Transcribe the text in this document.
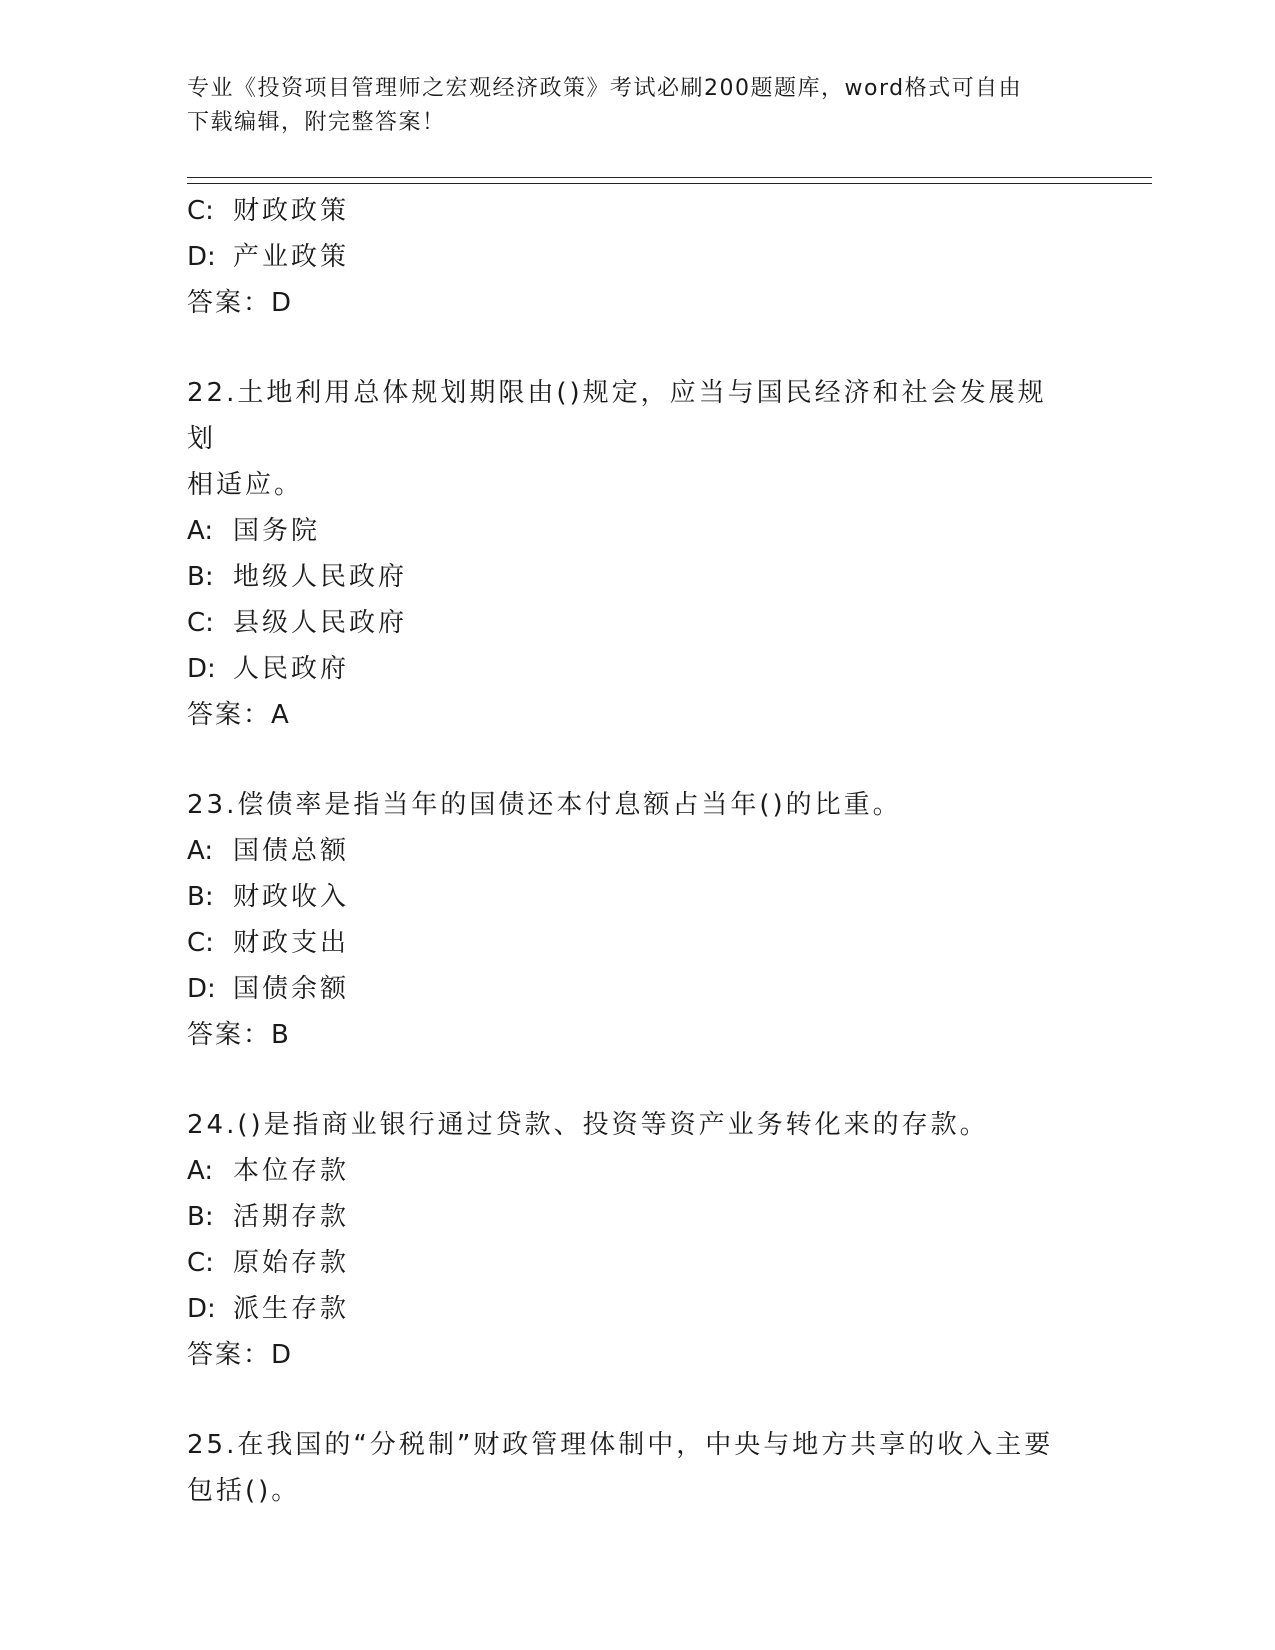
专业《投资项目管理师之宏观经济政策》考试必刷200题题库，word格式可自由
下载编辑，附完整答案！
C: 财政政策
D: 产业政策
答案：D
22.土地利用总体规划期限由()规定，应当与国民经济和社会发展规划
相适应。
A: 国务院
B: 地级人民政府
C: 县级人民政府
D: 人民政府
答案：A
23.偿债率是指当年的国债还本付息额占当年()的比重。
A: 国债总额
B: 财政收入
C: 财政支出
D: 国债余额
答案：B
24.()是指商业银行通过贷款、投资等资产业务转化来的存款。
A: 本位存款
B: 活期存款
C: 原始存款
D: 派生存款
答案：D
25.在我国的“分税制”财政管理体制中，中央与地方共享的收入主要
包括()。
